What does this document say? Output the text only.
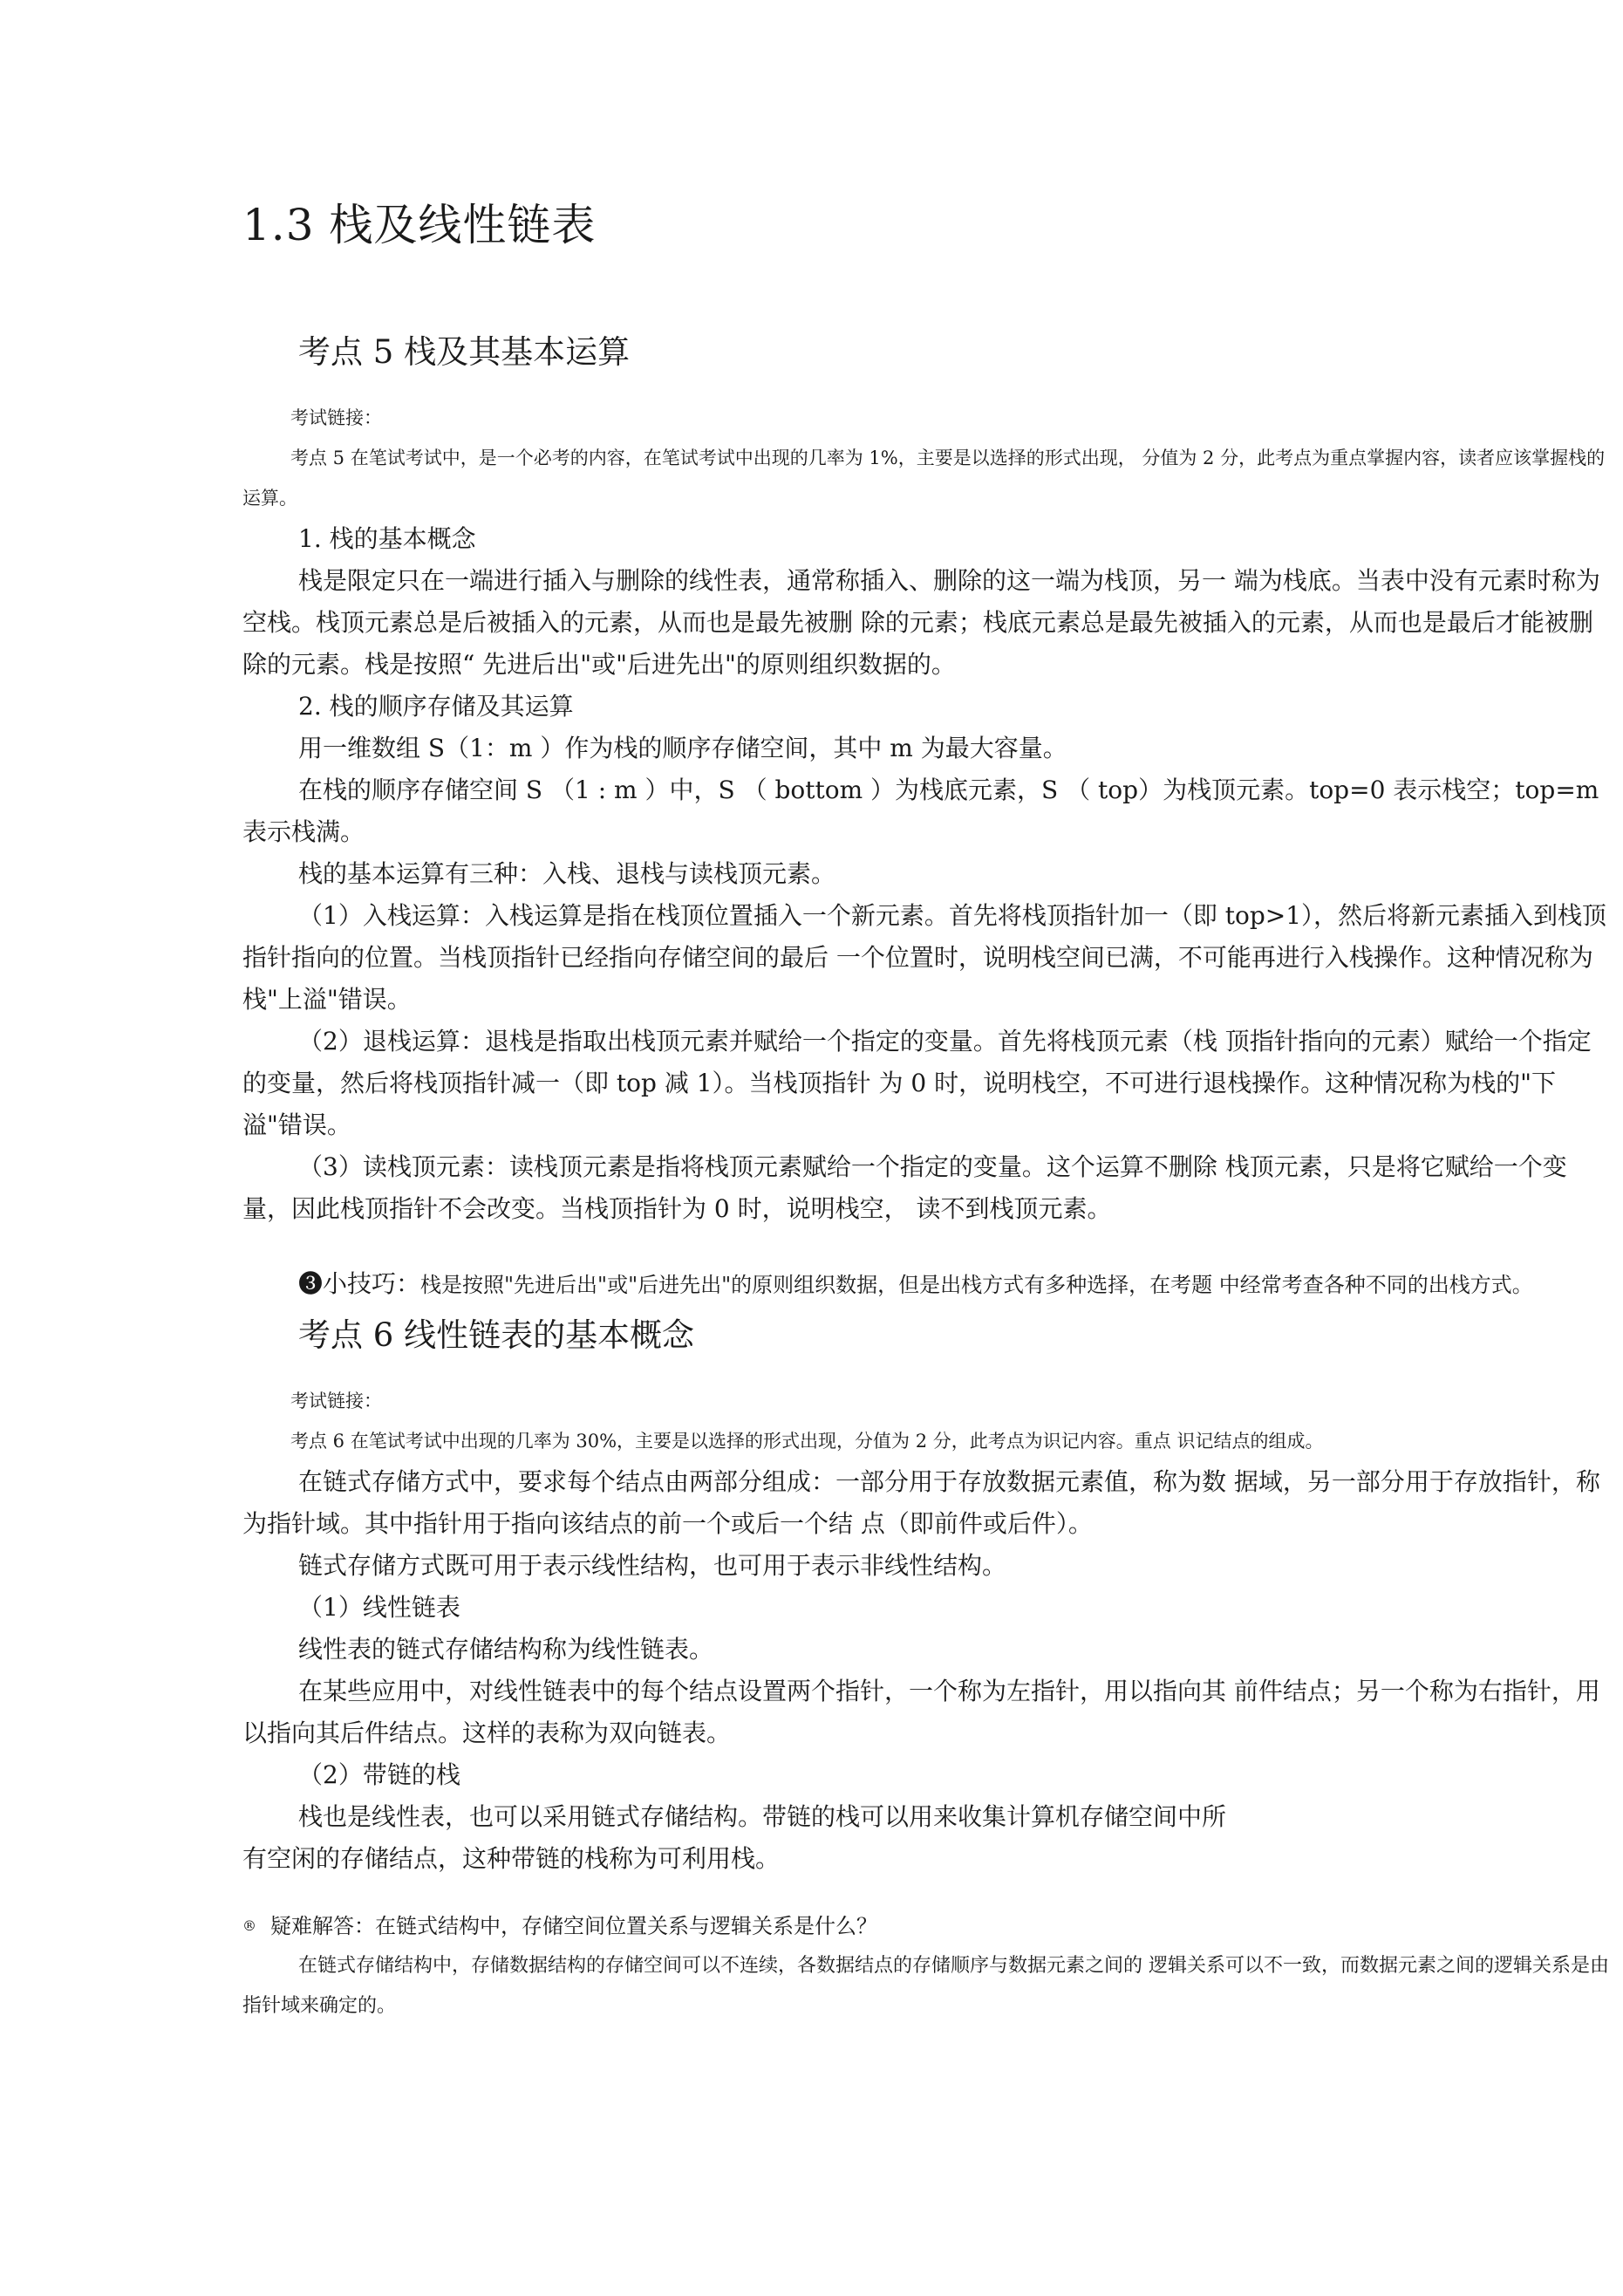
1.3 栈及线性链表
考点 5 栈及其基本运算

考试链接：

考点 5 在笔试考试中，是一个必考的内容，在笔试考试中出现的几率为 1%，主要是以选择的形式出现， 分值为 2 分，此考点为重点掌握内容，读者应该掌握栈的运算。

1. 栈的基本概念

栈是限定只在一端进行插入与删除的线性表，通常称插入、删除的这一端为栈顶，另一 端为栈底。当表中没有元素时称为空栈。栈顶元素总是后被插入的元素，从而也是最先被删 除的元素；栈底元素总是最先被插入的元素，从而也是最后才能被删除的元素。栈是按照“ 先进后出"或"后进先出"的原则组织数据的。

2. 栈的顺序存储及其运算

用一维数组 S（1：m ）作为栈的顺序存储空间，其中 m 为最大容量。

在栈的顺序存储空间 S （1 : m ）中，S （ bottom ）为栈底元素，S （ top）为栈顶元素。top=0 表示栈空；top=m 表示栈满。

栈的基本运算有三种：入栈、退栈与读栈顶元素。

（1）入栈运算：入栈运算是指在栈顶位置插入一个新元素。首先将栈顶指针加一（即 top>1），然后将新元素插入到栈顶指针指向的位置。当栈顶指针已经指向存储空间的最后 一个位置时，说明栈空间已满，不可能再进行入栈操作。这种情况称为栈"上溢"错误。

（2）退栈运算：退栈是指取出栈顶元素并赋给一个指定的变量。首先将栈顶元素（栈 顶指针指向的元素）赋给一个指定的变量，然后将栈顶指针减一（即 top 减 1）。当栈顶指针 为 0 时，说明栈空，不可进行退栈操作。这种情况称为栈的"下溢"错误。

（3）读栈顶元素：读栈顶元素是指将栈顶元素赋给一个指定的变量。这个运算不删除 栈顶元素，只是将它赋给一个变量，因此栈顶指针不会改变。当栈顶指针为 0 时，说明栈空， 读不到栈顶元素。

❸小技巧：栈是按照"先进后出"或"后进先出"的原则组织数据，但是出栈方式有多种选择，在考题 中经常考查各种不同的出栈方式。

考点 6 线性链表的基本概念

考试链接：

考点 6 在笔试考试中出现的几率为 30%，主要是以选择的形式出现，分值为 2 分，此考点为识记内容。重点 识记结点的组成。

在链式存储方式中，要求每个结点由两部分组成：一部分用于存放数据元素值，称为数 据域，另一部分用于存放指针，称为指针域。其中指针用于指向该结点的前一个或后一个结 点（即前件或后件）。

链式存储方式既可用于表示线性结构，也可用于表示非线性结构。

（1）线性链表

线性表的链式存储结构称为线性链表。

在某些应用中，对线性链表中的每个结点设置两个指针，一个称为左指针，用以指向其 前件结点；另一个称为右指针，用以指向其后件结点。这样的表称为双向链表。

（2）带链的栈

栈也是线性表，也可以采用链式存储结构。带链的栈可以用来收集计算机存储空间中所

有空闲的存储结点，这种带链的栈称为可利用栈。

® 疑难解答：在链式结构中，存储空间位置关系与逻辑关系是什么？

在链式存储结构中，存储数据结构的存储空间可以不连续，各数据结点的存储顺序与数据元素之间的 逻辑关系可以不一致，而数据元素之间的逻辑关系是由指针域来确定的。
